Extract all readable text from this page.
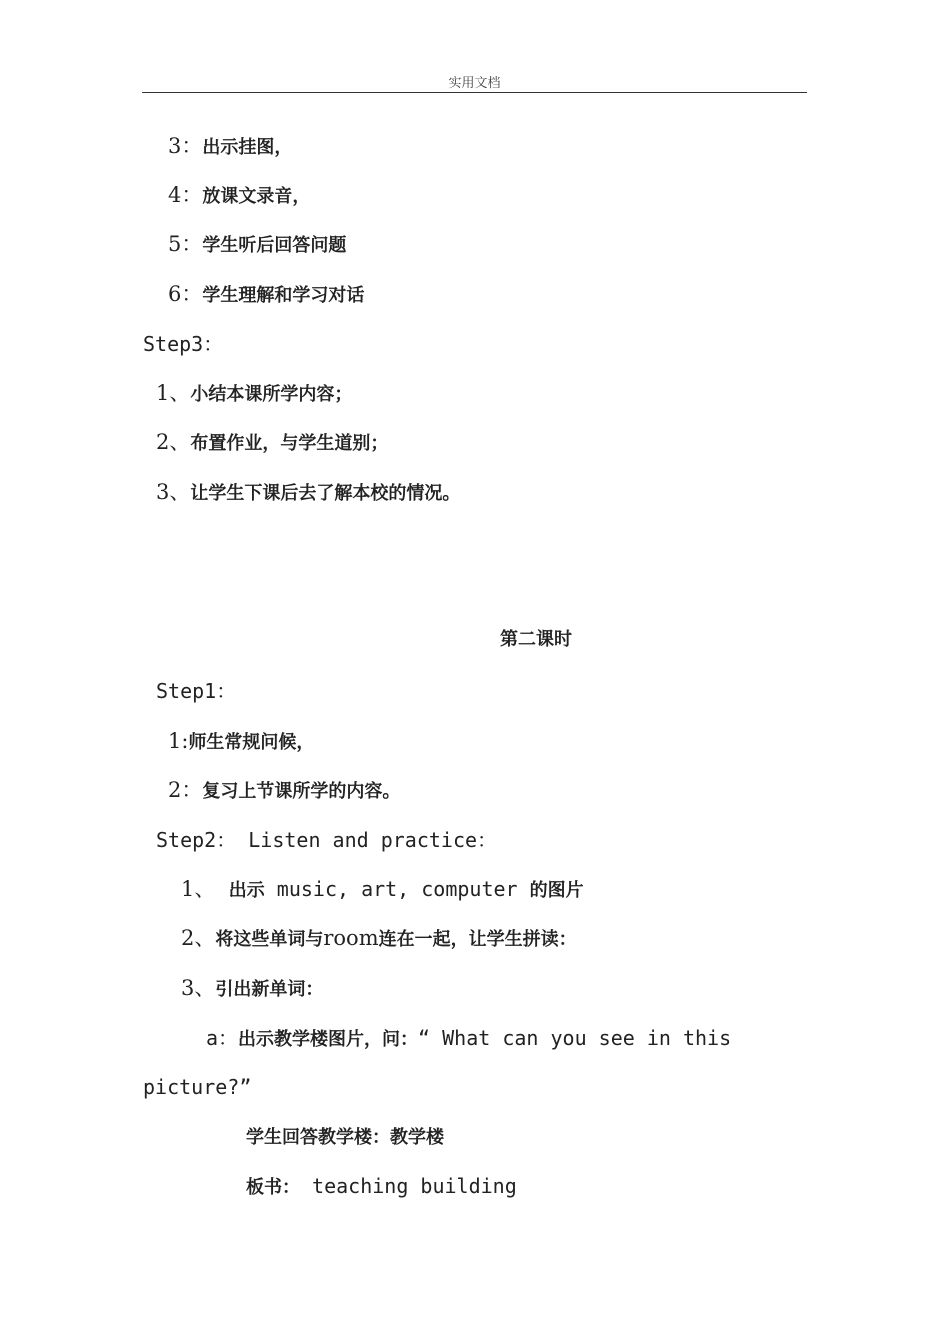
实用文档
3：出示挂图，
4：放课文录音，
5：学生听后回答问题
6：学生理解和学习对话
Step3：
1、小结本课所学内容；
2、布置作业，与学生道别；
3、让学生下课后去了解本校的情况。
第二课时
Step1：
1:师生常规问候，
2：复习上节课所学的内容。
Step2： Listen and practice：
1、 出示 music, art, computer 的图片
2、将这些单词与room连在一起，让学生拼读：
3、引出新单词：
a：出示教学楼图片，问：“ What can you see in this
picture?”
学生回答教学楼：教学楼
板书： teaching building
